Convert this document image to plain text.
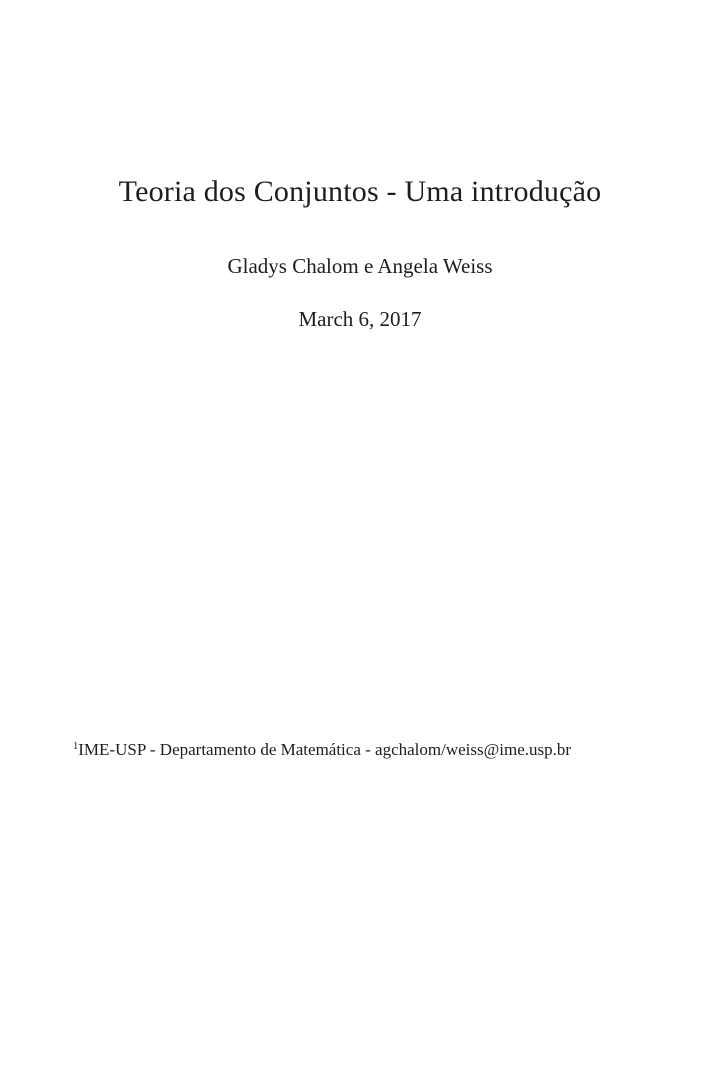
Teoria dos Conjuntos - Uma introdução
Gladys Chalom e Angela Weiss
March 6, 2017
$^1$IME-USP - Departamento de Matemática - agchalom/weiss@ime.usp.br
